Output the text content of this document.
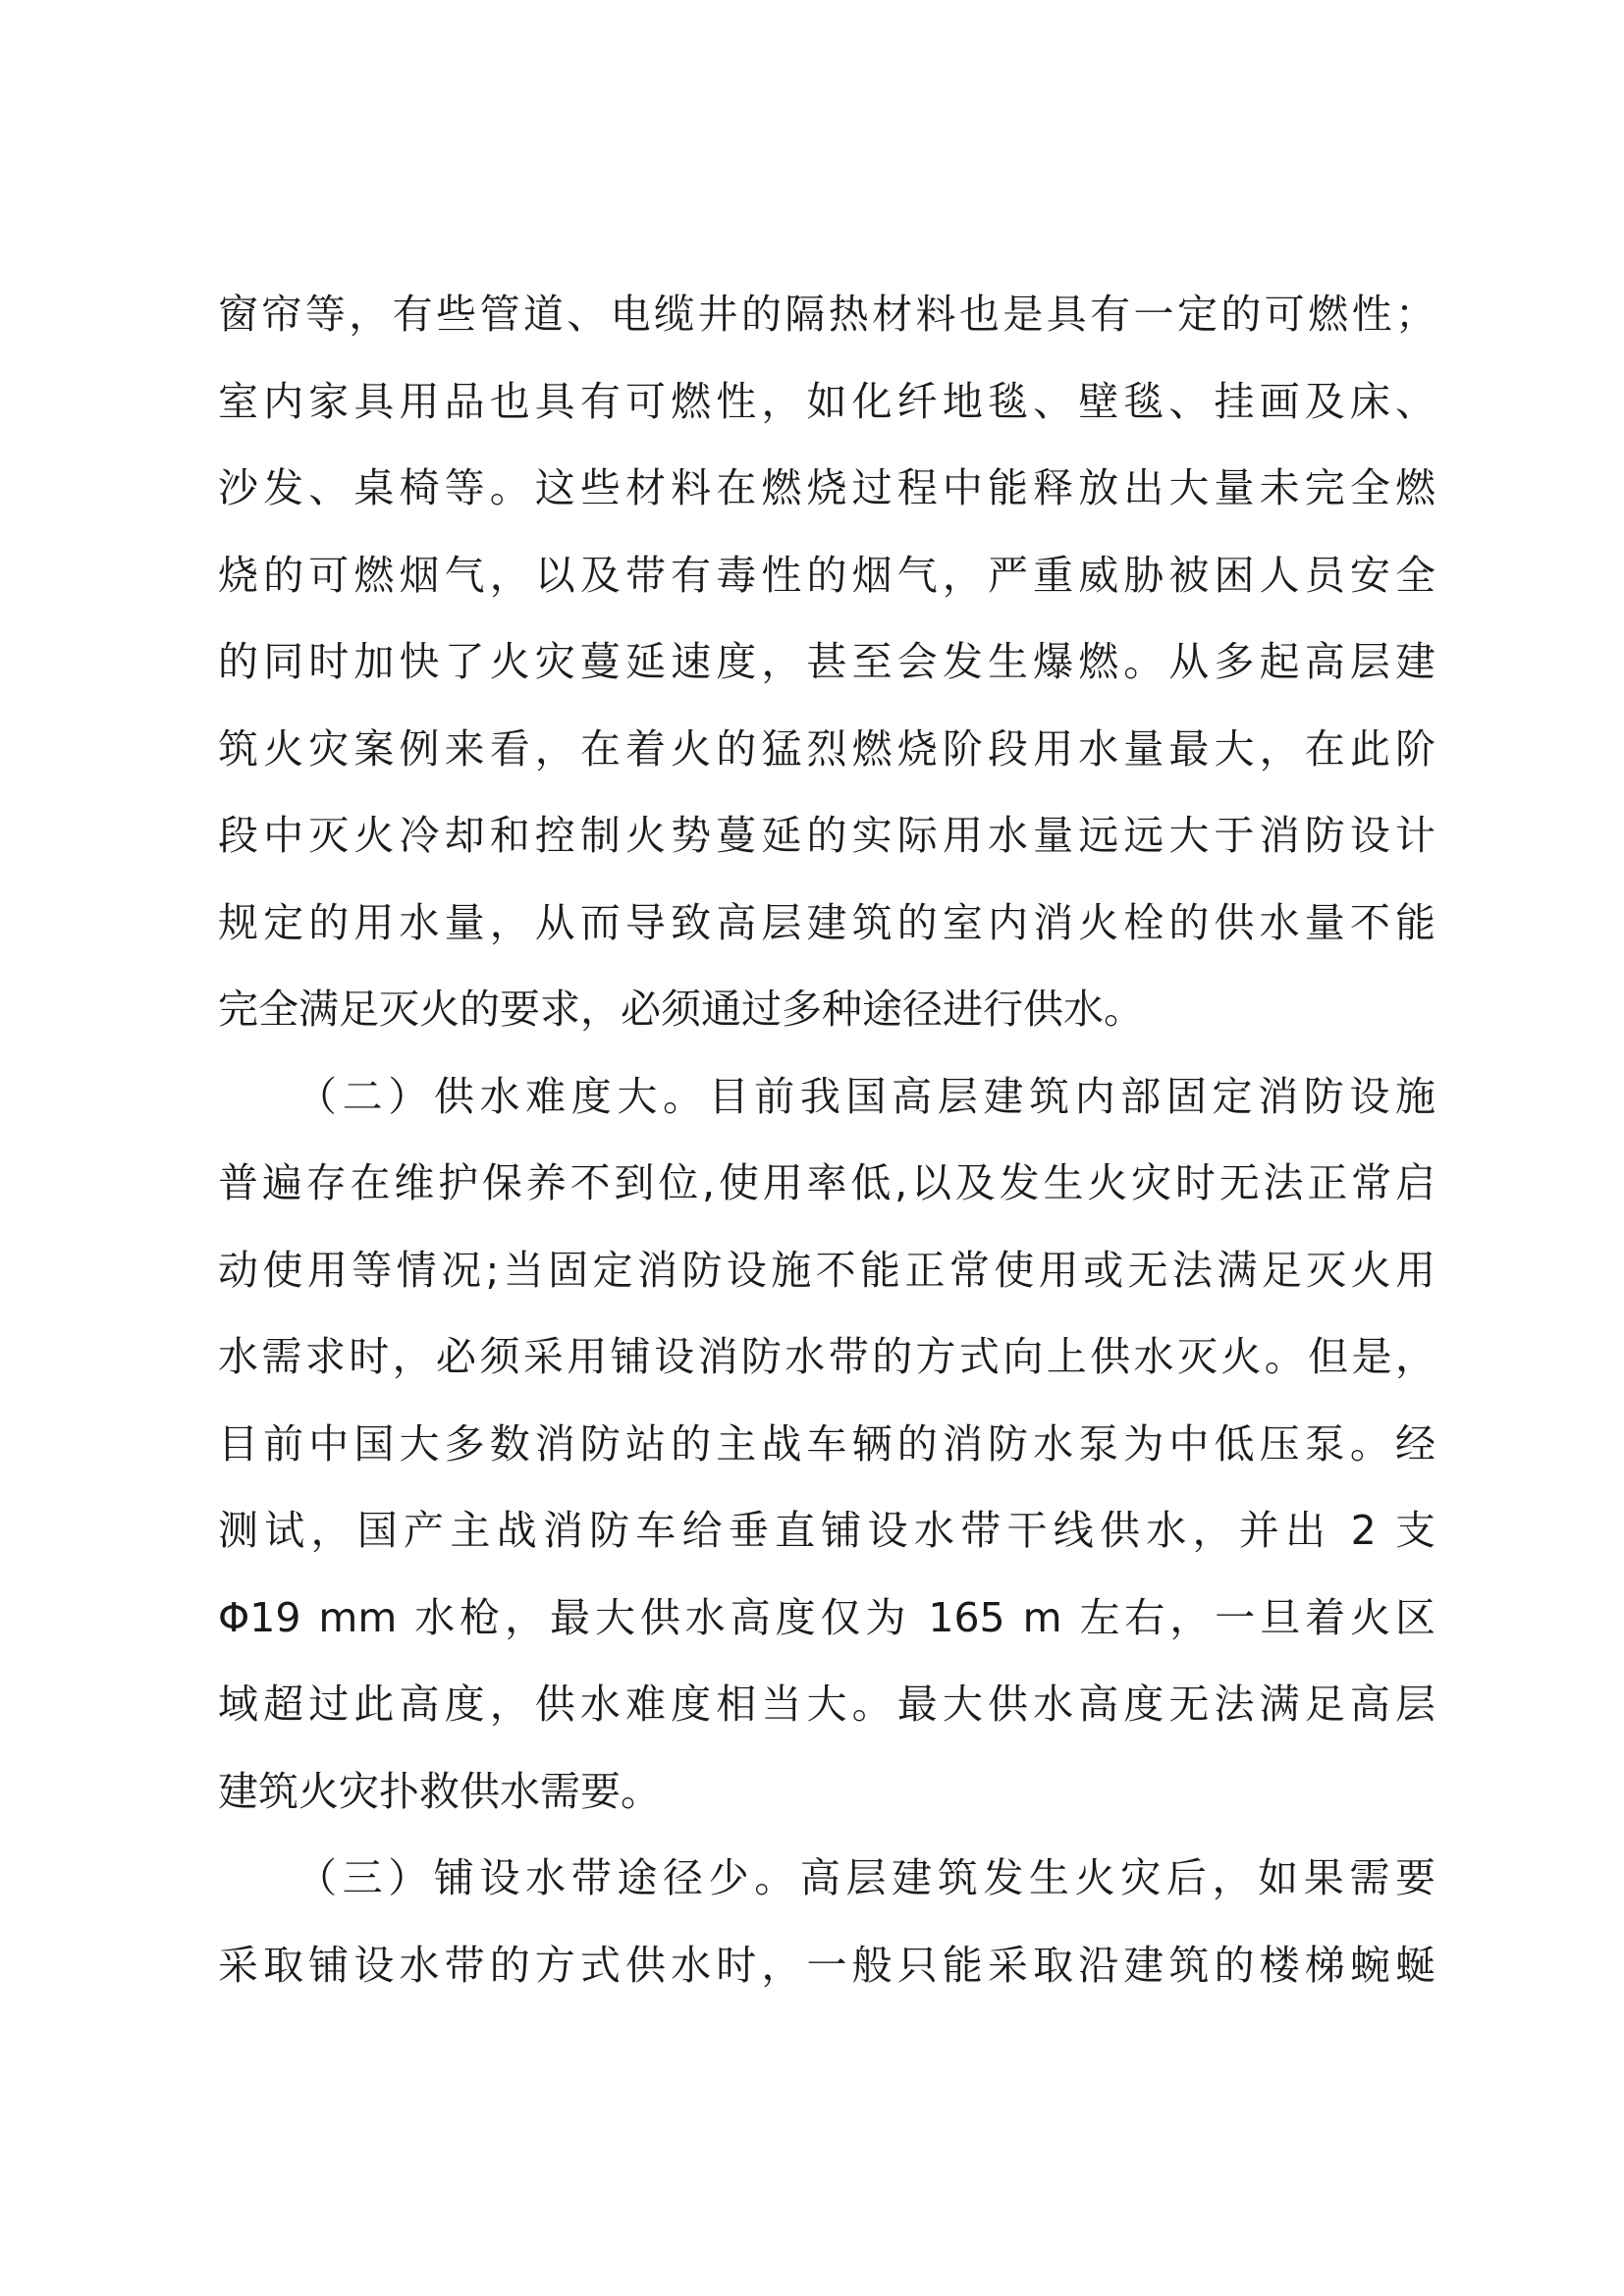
窗帘等，有些管道、电缆井的隔热材料也是具有一定的可燃性；
室内家具用品也具有可燃性，如化纤地毯、壁毯、挂画及床、
沙发、桌椅等。这些材料在燃烧过程中能释放出大量未完全燃
烧的可燃烟气，以及带有毒性的烟气，严重威胁被困人员安全
的同时加快了火灾蔓延速度，甚至会发生爆燃。从多起高层建
筑火灾案例来看，在着火的猛烈燃烧阶段用水量最大，在此阶
段中灭火冷却和控制火势蔓延的实际用水量远远大于消防设计
规定的用水量，从而导致高层建筑的室内消火栓的供水量不能
完全满足灭火的要求，必须通过多种途径进行供水。
（二）供水难度大。目前我国高层建筑内部固定消防设施
普遍存在维护保养不到位,使用率低,以及发生火灾时无法正常启
动使用等情况;当固定消防设施不能正常使用或无法满足灭火用
水需求时，必须采用铺设消防水带的方式向上供水灭火。但是，
目前中国大多数消防站的主战车辆的消防水泵为中低压泵。经
测试，国产主战消防车给垂直铺设水带干线供水，并出 2 支
Φ19 mm 水枪，最大供水高度仅为 165 m 左右，一旦着火区
域超过此高度，供水难度相当大。最大供水高度无法满足高层
建筑火灾扑救供水需要。
（三）铺设水带途径少。高层建筑发生火灾后，如果需要
采取铺设水带的方式供水时，一般只能采取沿建筑的楼梯蜿蜒
